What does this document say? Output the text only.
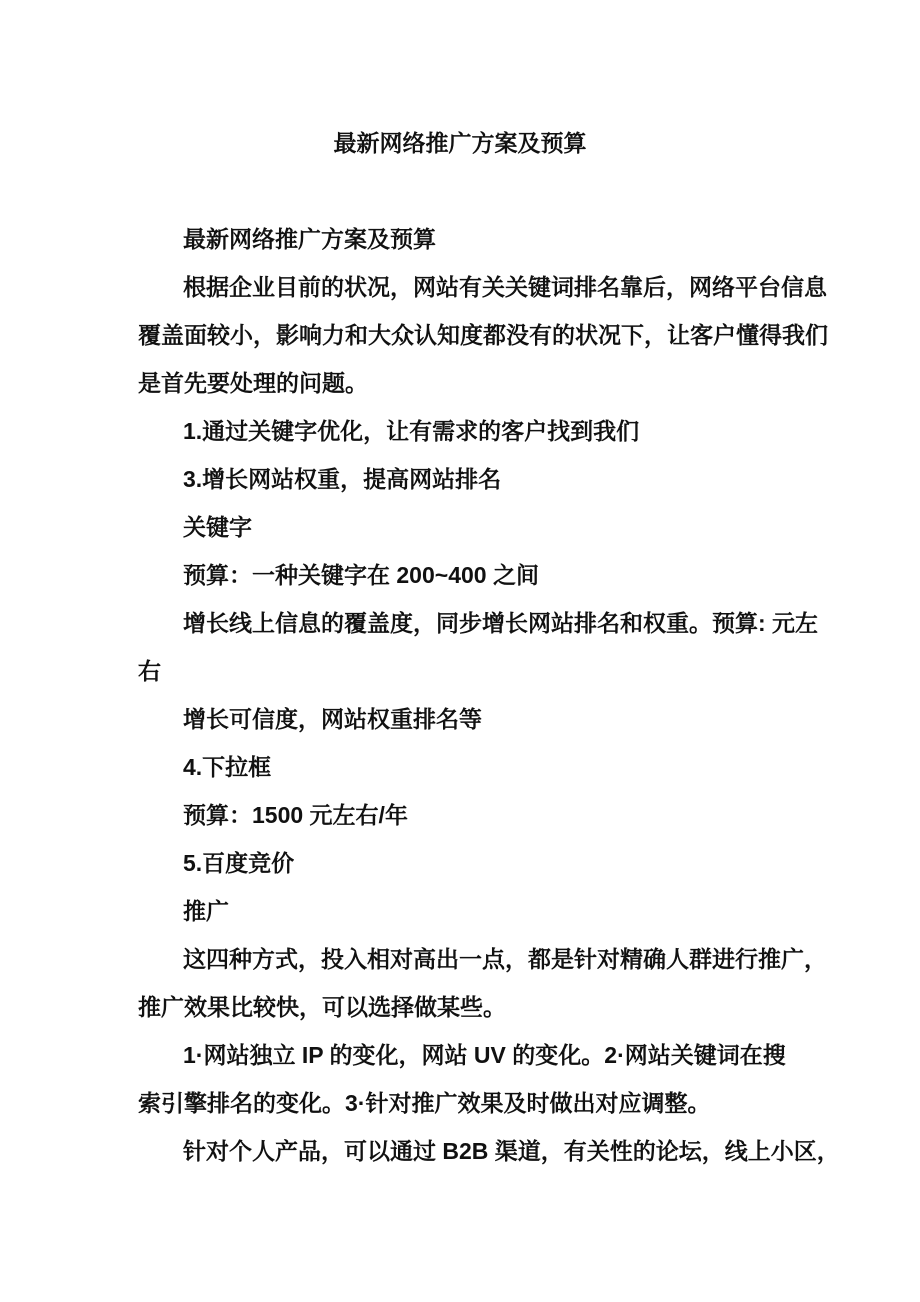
最新网络推广方案及预算
最新网络推广方案及预算
根据企业目前的状况，网站有关关键词排名靠后，网络平台信息
覆盖面较小，影响力和大众认知度都没有的状况下，让客户懂得我们
是首先要处理的问题。
1.通过关键字优化，让有需求的客户找到我们
3.增长网站权重，提高网站排名
关键字
预算：一种关键字在 200~400 之间
增长线上信息的覆盖度，同步增长网站排名和权重。预算: 元左
右
增长可信度，网站权重排名等
4.下拉框
预算：1500 元左右/年
5.百度竞价
推广
这四种方式，投入相对高出一点，都是针对精确人群进行推广，
推广效果比较快，可以选择做某些。
1·网站独立 IP 的变化，网站 UV 的变化。2·网站关键词在搜
索引擎排名的变化。3·针对推广效果及时做出对应调整。
针对个人产品，可以通过 B2B 渠道，有关性的论坛，线上小区，
